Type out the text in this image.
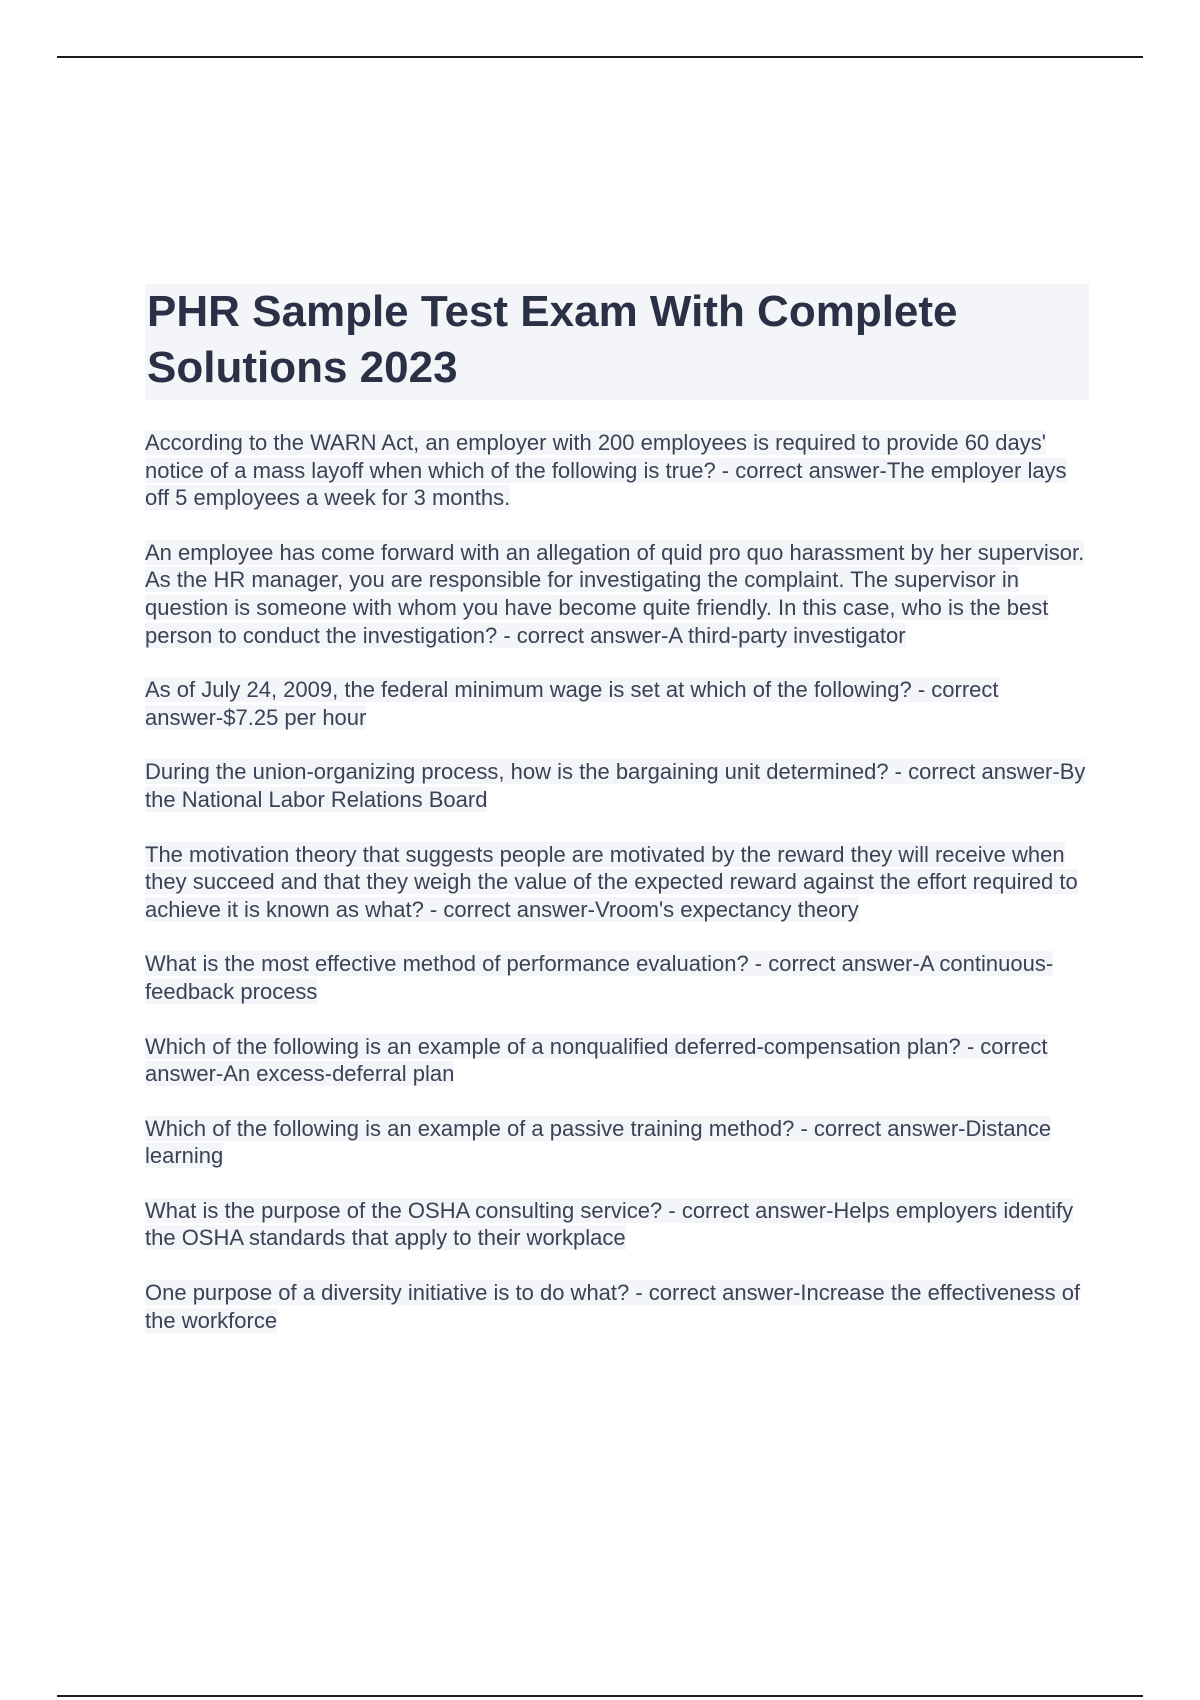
PHR Sample Test Exam With Complete Solutions 2023

According to the WARN Act, an employer with 200 employees is required to provide 60 days' notice of a mass layoff when which of the following is true? - correct answer-The employer lays off 5 employees a week for 3 months.

An employee has come forward with an allegation of quid pro quo harassment by her supervisor. As the HR manager, you are responsible for investigating the complaint. The supervisor in question is someone with whom you have become quite friendly. In this case, who is the best person to conduct the investigation? - correct answer-A third-party investigator

As of July 24, 2009, the federal minimum wage is set at which of the following? - correct answer-$7.25 per hour

During the union-organizing process, how is the bargaining unit determined? - correct answer-By the National Labor Relations Board

The motivation theory that suggests people are motivated by the reward they will receive when they succeed and that they weigh the value of the expected reward against the effort required to achieve it is known as what? - correct answer-Vroom's expectancy theory

What is the most effective method of performance evaluation? - correct answer-A continuous-feedback process

Which of the following is an example of a nonqualified deferred-compensation plan? - correct answer-An excess-deferral plan

Which of the following is an example of a passive training method? - correct answer-Distance learning

What is the purpose of the OSHA consulting service? - correct answer-Helps employers identify the OSHA standards that apply to their workplace

One purpose of a diversity initiative is to do what? - correct answer-Increase the effectiveness of the workforce
